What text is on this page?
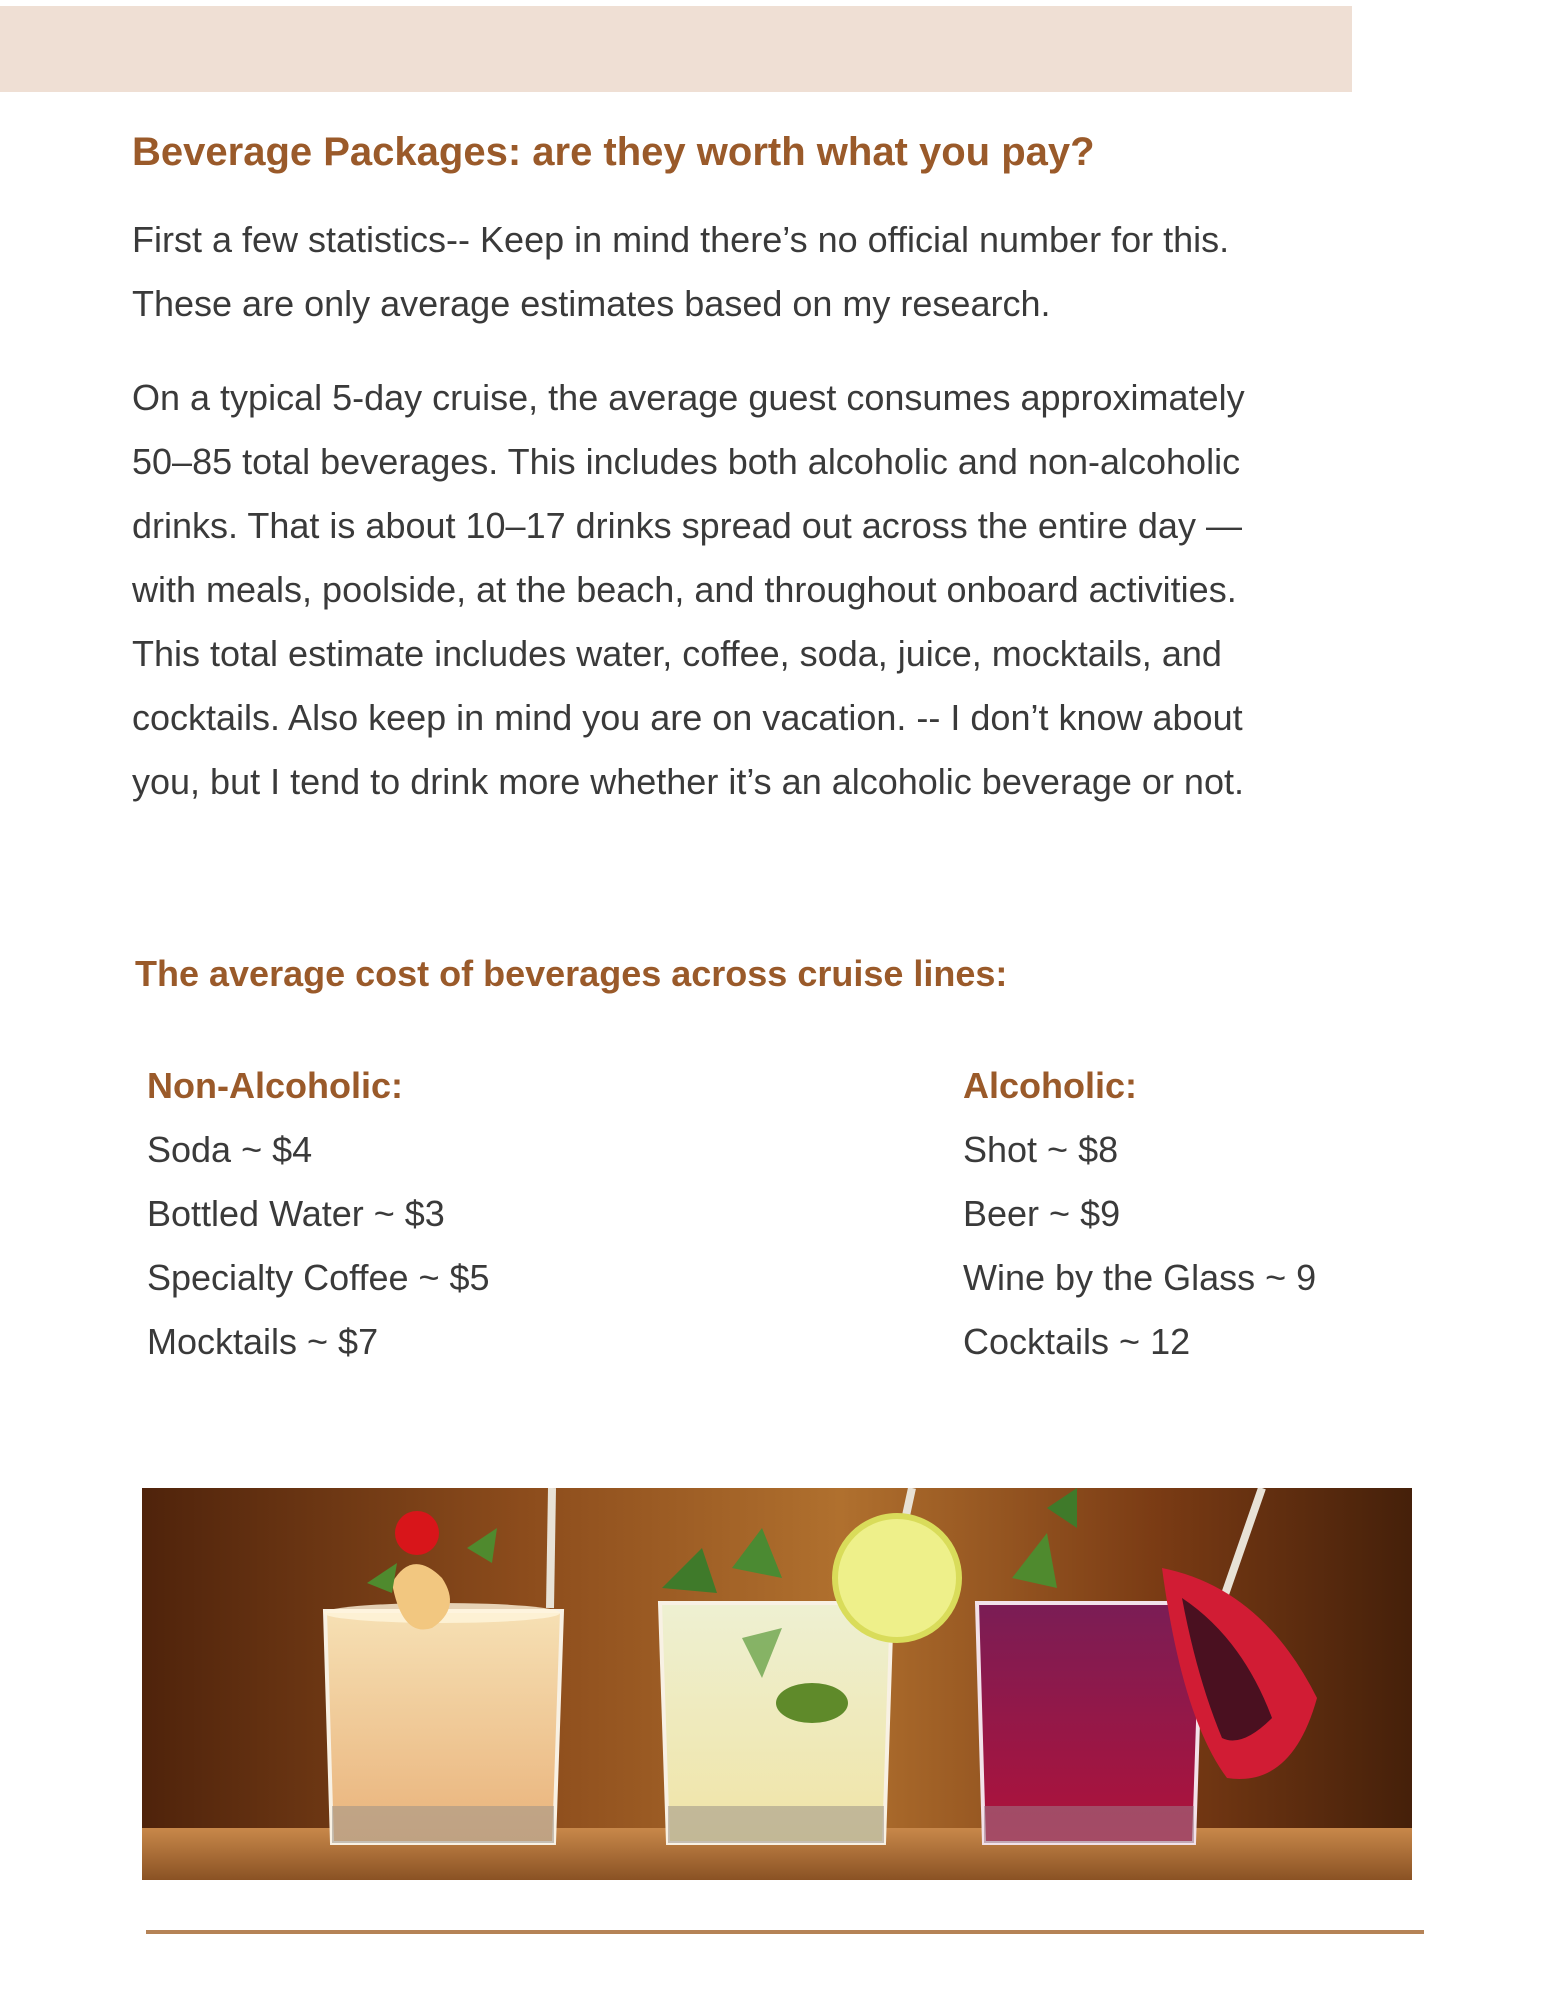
Beverage Packages: are they worth what you pay?

First a few statistics-- Keep in mind there’s no official number for this.
These are only average estimates based on my research.

On a typical 5-day cruise, the average guest consumes approximately
50–85 total beverages. This includes both alcoholic and non-alcoholic
drinks. That is about 10–17 drinks spread out across the entire day —
with meals, poolside, at the beach, and throughout onboard activities.
This total estimate includes water, coffee, soda, juice, mocktails, and
cocktails. Also keep in mind you are on vacation. -- I don’t know about
you, but I tend to drink more whether it’s an alcoholic beverage or not.

The average cost of beverages across cruise lines:
Non-Alcoholic:
Soda ~ $4
Bottled Water ~ $3
Specialty Coffee ~ $5
Mocktails ~ $7
Alcoholic:
Shot ~ $8
Beer ~ $9
Wine by the Glass ~ 9
Cocktails ~ 12
